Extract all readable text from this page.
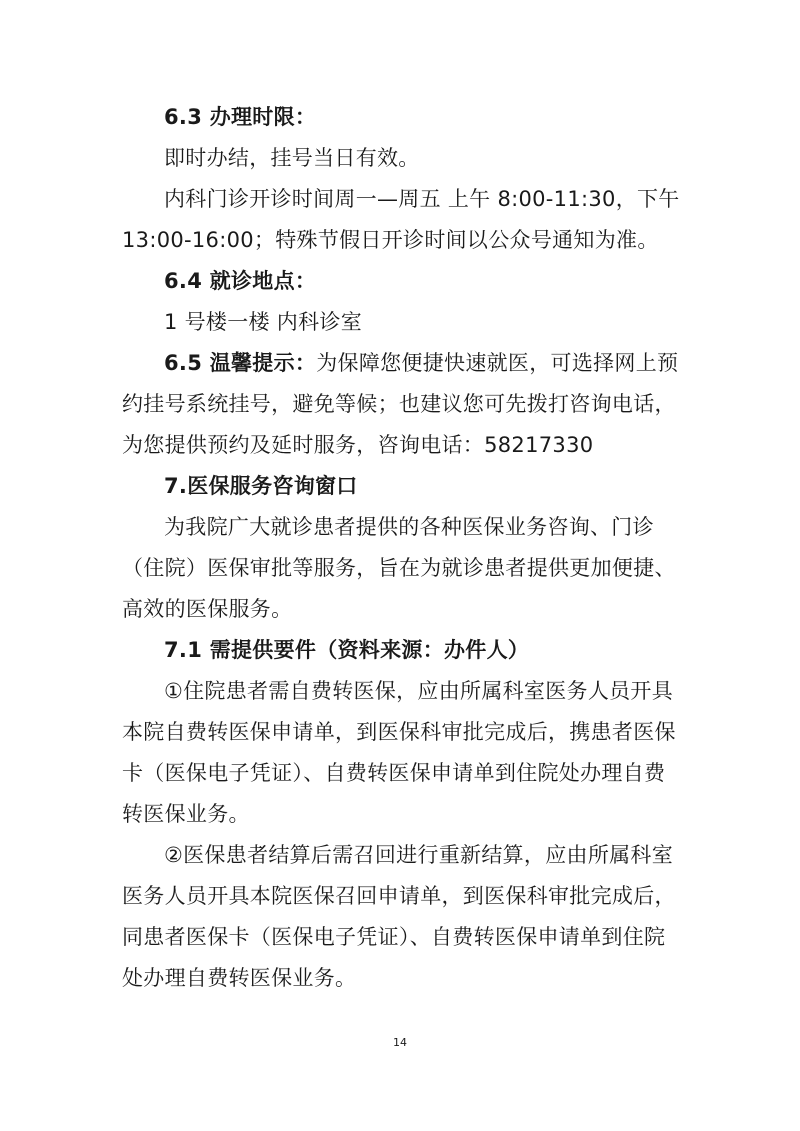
6.3 办理时限：
即时办结，挂号当日有效。
内科门诊开诊时间周一—周五 上午 8:00-11:30，下午
13:00-16:00；特殊节假日开诊时间以公众号通知为准。
6.4 就诊地点：
1 号楼一楼 内科诊室
6.5 温馨提示：为保障您便捷快速就医，可选择网上预
约挂号系统挂号，避免等候；也建议您可先拨打咨询电话，
为您提供预约及延时服务，咨询电话：58217330
7.医保服务咨询窗口
为我院广大就诊患者提供的各种医保业务咨询、门诊
（住院）医保审批等服务，旨在为就诊患者提供更加便捷、
高效的医保服务。
7.1 需提供要件（资料来源：办件人）
①住院患者需自费转医保，应由所属科室医务人员开具
本院自费转医保申请单，到医保科审批完成后，携患者医保
卡（医保电子凭证）、自费转医保申请单到住院处办理自费
转医保业务。
②医保患者结算后需召回进行重新结算，应由所属科室
医务人员开具本院医保召回申请单，到医保科审批完成后，
同患者医保卡（医保电子凭证）、自费转医保申请单到住院
处办理自费转医保业务。
14
